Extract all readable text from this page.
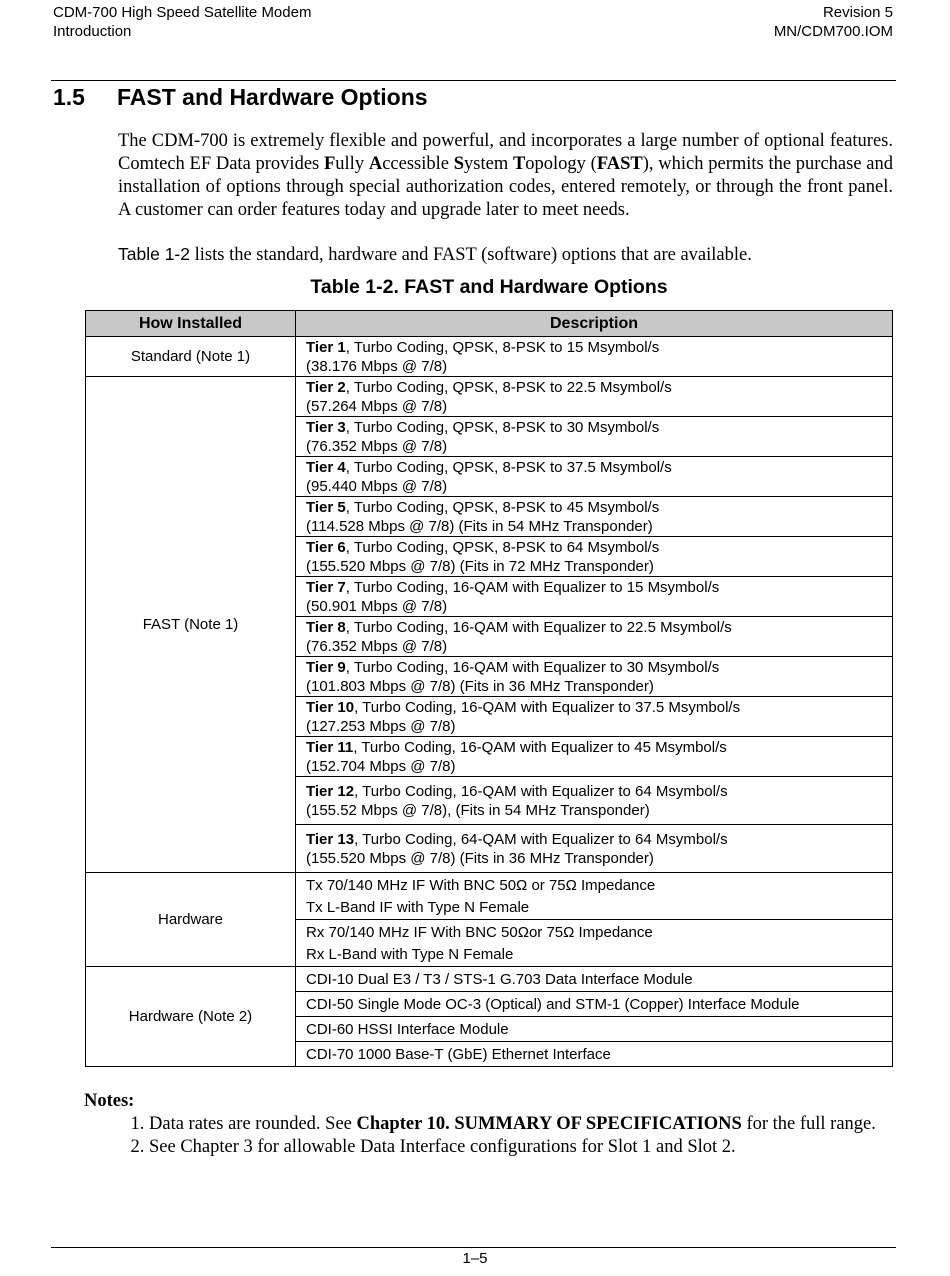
CDM-700 High Speed Satellite Modem
Introduction
Revision 5
MN/CDM700.IOM
1.5 FAST and Hardware Options
The CDM-700 is extremely flexible and powerful, and incorporates a large number of optional features. Comtech EF Data provides Fully Accessible System Topology (FAST), which permits the purchase and installation of options through special authorization codes, entered remotely, or through the front panel. A customer can order features today and upgrade later to meet needs.
Table 1-2 lists the standard, hardware and FAST (software) options that are available.
Table 1-2. FAST and Hardware Options
How Installed	Description
Standard (Note 1)	Tier 1, Turbo Coding, QPSK, 8-PSK to 15 Msymbol/s
(38.176 Mbps @ 7/8)
FAST (Note 1)	Tier 2, Turbo Coding, QPSK, 8-PSK to 22.5 Msymbol/s
(57.264 Mbps @ 7/8)
	Tier 3, Turbo Coding, QPSK, 8-PSK to 30 Msymbol/s
(76.352 Mbps @ 7/8)
	Tier 4, Turbo Coding, QPSK, 8-PSK to 37.5 Msymbol/s
(95.440 Mbps @ 7/8)
	Tier 5, Turbo Coding, QPSK, 8-PSK to 45 Msymbol/s
(114.528 Mbps @ 7/8) (Fits in 54 MHz Transponder)
	Tier 6, Turbo Coding, QPSK, 8-PSK to 64 Msymbol/s
(155.520 Mbps @ 7/8) (Fits in 72 MHz Transponder)
	Tier 7, Turbo Coding, 16-QAM with Equalizer to 15 Msymbol/s
(50.901 Mbps @ 7/8)
	Tier 8, Turbo Coding, 16-QAM with Equalizer to 22.5 Msymbol/s
(76.352 Mbps @ 7/8)
	Tier 9, Turbo Coding, 16-QAM with Equalizer to 30 Msymbol/s
(101.803 Mbps @ 7/8) (Fits in 36 MHz Transponder)
	Tier 10, Turbo Coding, 16-QAM with Equalizer to 37.5 Msymbol/s
(127.253 Mbps @ 7/8)
	Tier 11, Turbo Coding, 16-QAM with Equalizer to 45 Msymbol/s
(152.704 Mbps @ 7/8)
	Tier 12, Turbo Coding, 16-QAM with Equalizer to 64 Msymbol/s
(155.52 Mbps @ 7/8), (Fits in 54 MHz Transponder)
	Tier 13, Turbo Coding, 64-QAM with Equalizer to 64 Msymbol/s
(155.520 Mbps @ 7/8) (Fits in 36 MHz Transponder)
Hardware	Tx 70/140 MHz IF With BNC 50Ω or 75Ω Impedance
Tx L-Band IF with Type N Female
	Rx 70/140 MHz IF With BNC 50Ωor 75Ω Impedance
Rx L-Band with Type N Female
Hardware (Note 2)	CDI-10 Dual E3 / T3 / STS-1 G.703 Data Interface Module
	CDI-50 Single Mode OC-3 (Optical) and STM-1 (Copper) Interface Module
	CDI-60 HSSI Interface Module
	CDI-70 1000 Base-T (GbE) Ethernet Interface
Notes:
1. Data rates are rounded. See Chapter 10. SUMMARY OF SPECIFICATIONS for the full range.
2. See Chapter 3 for allowable Data Interface configurations for Slot 1 and Slot 2.
1–5
